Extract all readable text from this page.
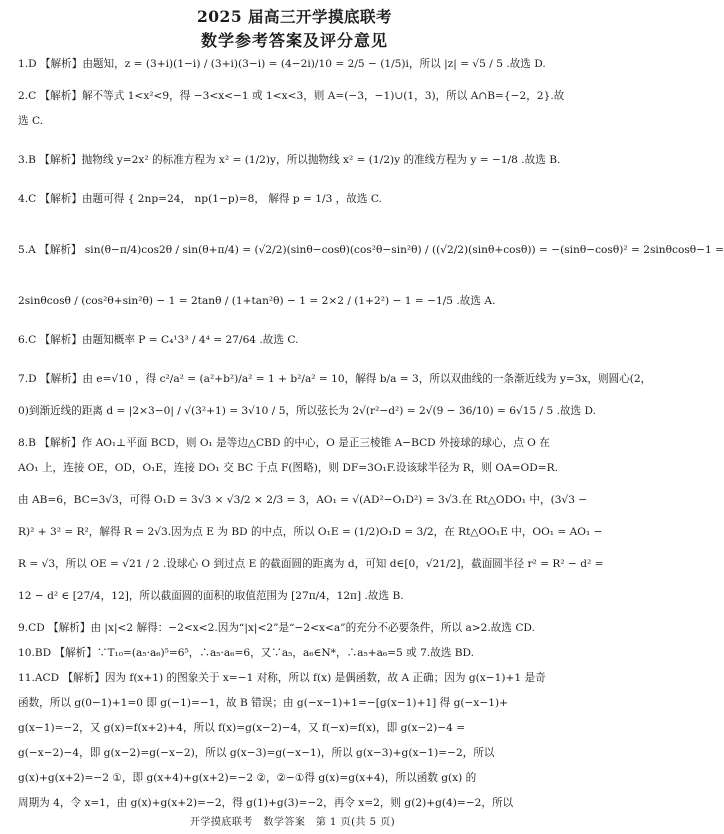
2025 届高三开学摸底联考
数学参考答案及评分意见
1.D 【解析】由题知，z = (3+i)(1−i) / (3+i)(3−i) = (4−2i)/10 = 2/5 − (1/5)i，所以 |z| = √5 / 5 .故选 D.
2.C 【解析】解不等式 1<x²<9，得 −3<x<−1 或 1<x<3，则 A=(−3，−1)∪(1，3)，所以 A∩B={−2，2}.故
选 C.
3.B 【解析】抛物线 y=2x² 的标准方程为 x² = (1/2)y，所以抛物线 x² = (1/2)y 的准线方程为 y = −1/8 .故选 B.
4.C 【解析】由题可得 { 2np=24， np(1−p)=8， 解得 p = 1/3 ，故选 C.
5.A 【解析】 sin(θ−π/4)cos2θ / sin(θ+π/4) = (√2/2)(sinθ−cosθ)(cos²θ−sin²θ) / ((√2/2)(sinθ+cosθ)) = −(sinθ−cosθ)² = 2sinθcosθ−1 =
2sinθcosθ / (cos²θ+sin²θ) − 1 = 2tanθ / (1+tan²θ) − 1 = 2×2 / (1+2²) − 1 = −1/5 .故选 A.
6.C 【解析】由题知概率 P = C₄¹3³ / 4⁴ = 27/64 .故选 C.
7.D 【解析】由 e=√10 ，得 c²/a² = (a²+b²)/a² = 1 + b²/a² = 10，解得 b/a = 3，所以双曲线的一条渐近线为 y=3x，则圆心(2，
0)到渐近线的距离 d = |2×3−0| / √(3²+1) = 3√10 / 5，所以弦长为 2√(r²−d²) = 2√(9 − 36/10) = 6√15 / 5 .故选 D.
8.B 【解析】作 AO₁⊥平面 BCD，则 O₁ 是等边△CBD 的中心，O 是正三棱锥 A−BCD 外接球的球心，点 O 在
AO₁ 上，连接 OE，OD，O₁E，连接 DO₁ 交 BC 于点 F(图略)，则 DF=3O₁F.设该球半径为 R，则 OA=OD=R.
由 AB=6，BC=3√3，可得 O₁D = 3√3 × √3/2 × 2/3 = 3，AO₁ = √(AD²−O₁D²) = 3√3.在 Rt△ODO₁ 中，(3√3 −
R)² + 3² = R²，解得 R = 2√3.因为点 E 为 BD 的中点，所以 O₁E = (1/2)O₁D = 3/2，在 Rt△OO₁E 中，OO₁ = AO₁ −
R = √3，所以 OE = √21 / 2 .设球心 O 到过点 E 的截面圆的距离为 d，可知 d∈[0，√21/2]，截面圆半径 r² = R² − d² =
12 − d² ∈ [27/4，12]，所以截面圆的面积的取值范围为 [27π/4，12π] .故选 B.
9.CD 【解析】由 |x|<2 解得：−2<x<2.因为“|x|<2”是“−2<x<a”的充分不必要条件，所以 a>2.故选 CD.
10.BD 【解析】∵T₁₀=(a₅·a₆)⁵=6⁵，∴a₅·a₆=6，又∵a₅，a₆∈N*，∴a₅+a₆=5 或 7.故选 BD.
11.ACD 【解析】因为 f(x+1) 的图象关于 x=−1 对称，所以 f(x) 是偶函数，故 A 正确；因为 g(x−1)+1 是奇
函数，所以 g(0−1)+1=0 即 g(−1)=−1，故 B 错误；由 g(−x−1)+1=−[g(x−1)+1] 得 g(−x−1)+
g(x−1)=−2，又 g(x)=f(x+2)+4，所以 f(x)=g(x−2)−4，又 f(−x)=f(x)，即 g(x−2)−4 =
g(−x−2)−4，即 g(x−2)=g(−x−2)，所以 g(x−3)=g(−x−1)，所以 g(x−3)+g(x−1)=−2，所以
g(x)+g(x+2)=−2 ①，即 g(x+4)+g(x+2)=−2 ②，②−①得 g(x)=g(x+4)，所以函数 g(x) 的
周期为 4，令 x=1，由 g(x)+g(x+2)=−2，得 g(1)+g(3)=−2，再令 x=2，则 g(2)+g(4)=−2，所以
开学摸底联考　数学答案　第 1 页(共 5 页)
